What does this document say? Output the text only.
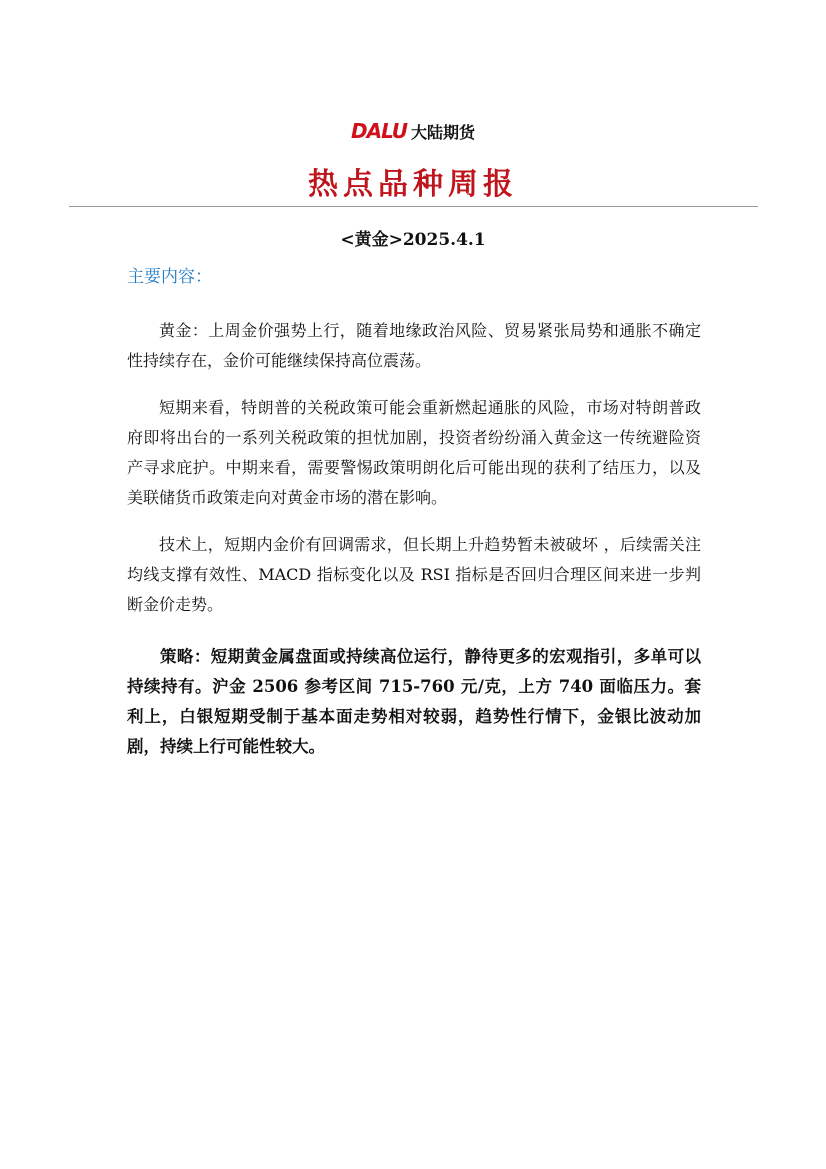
DALU 大陆期货
热点品种周报
<黄金>2025.4.1
主要内容：

黄金：上周金价强势上行，随着地缘政治风险、贸易紧张局势和通胀不确定性持续存在，金价可能继续保持高位震荡。

短期来看，特朗普的关税政策可能会重新燃起通胀的风险，市场对特朗普政府即将出台的一系列关税政策的担忧加剧，投资者纷纷涌入黄金这一传统避险资产寻求庇护。中期来看，需要警惕政策明朗化后可能出现的获利了结压力，以及美联储货币政策走向对黄金市场的潜在影响。

技术上，短期内金价有回调需求，但长期上升趋势暂未被破坏 ，后续需关注均线支撑有效性、MACD 指标变化以及 RSI 指标是否回归合理区间来进一步判断金价走势。

策略：短期黄金属盘面或持续高位运行，静待更多的宏观指引，多单可以持续持有。沪金 2506 参考区间 715-760 元/克，上方 740 面临压力。套利上，白银短期受制于基本面走势相对较弱，趋势性行情下，金银比波动加剧，持续上行可能性较大。
